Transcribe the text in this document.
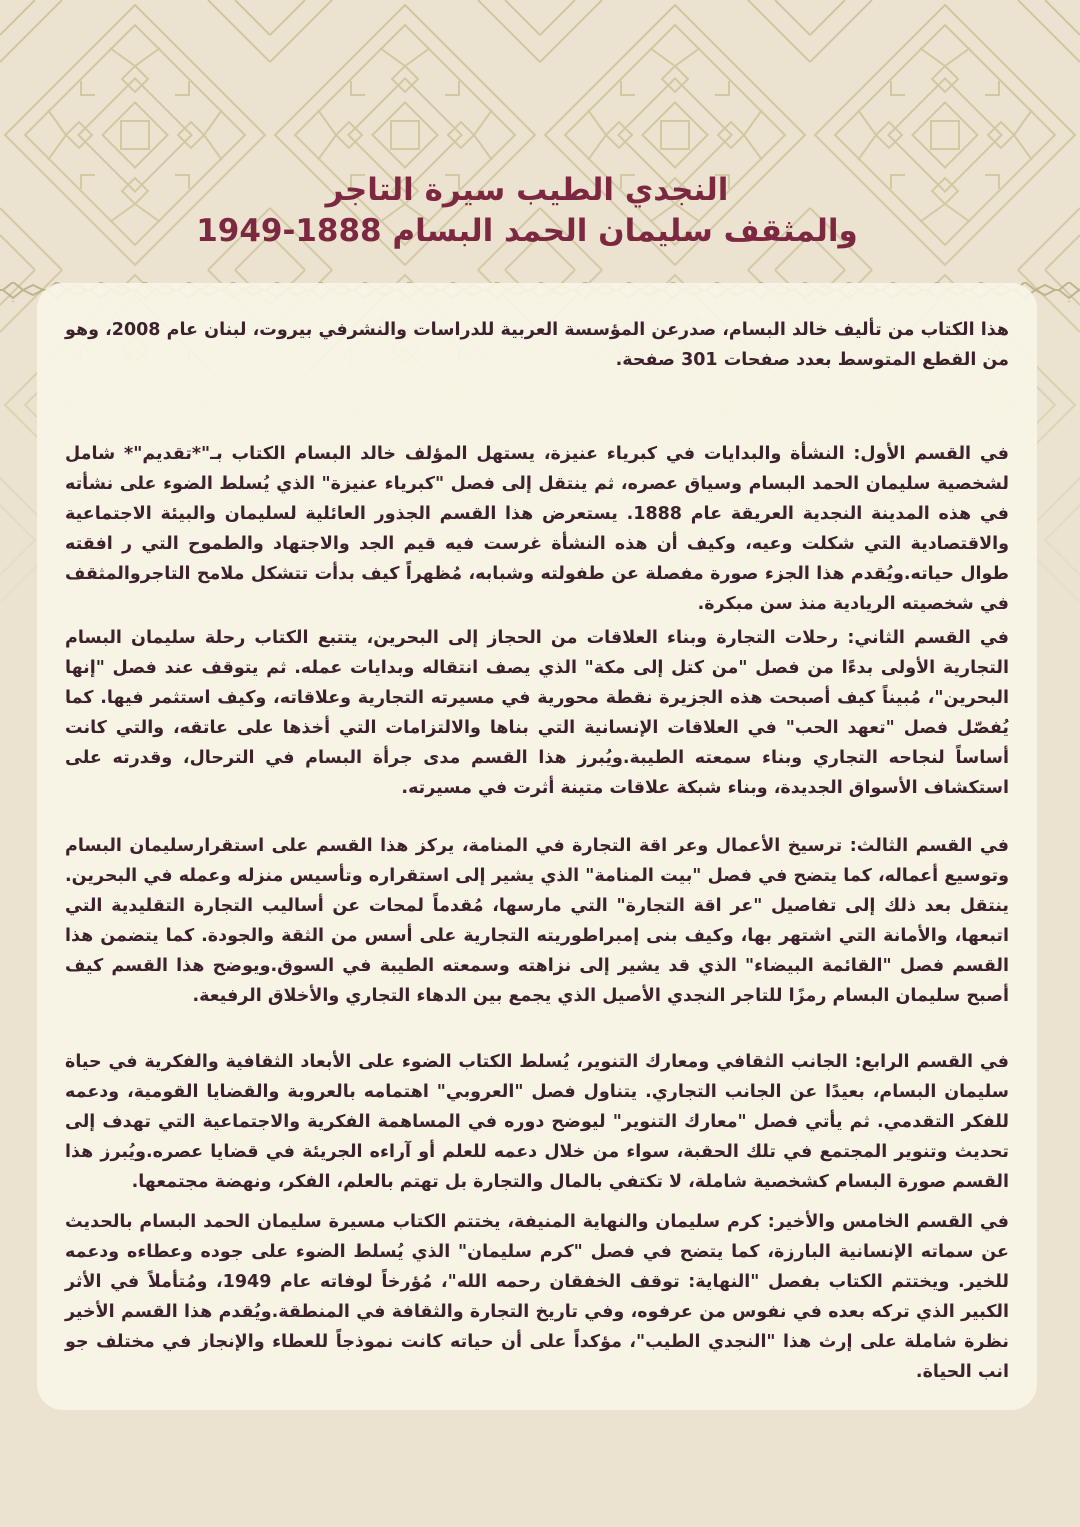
النجدي الطيب سيرة التاجر
والمثقف سليمان الحمد البسام 1888-1949

هذا الكتاب من تأليف خالد البسام، صدرعن المؤسسة العربية للدراسات والنشرفي بيروت، لبنان عام 2008، وهو من القطع المتوسط بعدد صفحات 301 صفحة.

في القسم الأول: النشأة والبدايات في كبرياء عنيزة، يستهل المؤلف خالد البسام الكتاب بـ"*تقديم"* شامل لشخصية سليمان الحمد البسام وسياق عصره، ثم ينتقل إلى فصل "كبرياء عنيزة" الذي يُسلط الضوء على نشأته في هذه المدينة النجدية العريقة عام 1888. يستعرض هذا القسم الجذور العائلية لسليمان والبيئة الاجتماعية والاقتصادية التي شكلت وعيه، وكيف أن هذه النشأة غرست فيه قيم الجد والاجتهاد والطموح التي ر افقته طوال حياته.ويُقدم هذا الجزء صورة مفصلة عن طفولته وشبابه، مُظهراً كيف بدأت تتشكل ملامح التاجروالمثقف في شخصيته الريادية منذ سن مبكرة.

في القسم الثاني: رحلات التجارة وبناء العلاقات من الحجاز إلى البحرين، يتتبع الكتاب رحلة سليمان البسام التجارية الأولى بدءًا من فصل "من كتل إلى مكة" الذي يصف انتقاله وبدايات عمله. ثم يتوقف عند فصل "إنها البحرين"، مُبيناً كيف أصبحت هذه الجزيرة نقطة محورية في مسيرته التجارية وعلاقاته، وكيف استثمر فيها. كما يُفصّل فصل "تعهد الحب" في العلاقات الإنسانية التي بناها والالتزامات التي أخذها على عاتقه، والتي كانت أساساً لنجاحه التجاري وبناء سمعته الطيبة.ويُبرز هذا القسم مدى جرأة البسام في الترحال، وقدرته على استكشاف الأسواق الجديدة، وبناء شبكة علاقات متينة أثرت في مسيرته.

في القسم الثالث: ترسيخ الأعمال وعر اقة التجارة في المنامة، يركز هذا القسم على استقرارسليمان البسام وتوسيع أعماله، كما يتضح في فصل "بيت المنامة" الذي يشير إلى استقراره وتأسيس منزله وعمله في البحرين. ينتقل بعد ذلك إلى تفاصيل "عر اقة التجارة" التي مارسها، مُقدماً لمحات عن أساليب التجارة التقليدية التي اتبعها، والأمانة التي اشتهر بها، وكيف بنى إمبراطوريته التجارية على أسس من الثقة والجودة. كما يتضمن هذا القسم فصل "القائمة البيضاء" الذي قد يشير إلى نزاهته وسمعته الطيبة في السوق.ويوضح هذا القسم كيف أصبح سليمان البسام رمزًا للتاجر النجدي الأصيل الذي يجمع بين الدهاء التجاري والأخلاق الرفيعة.

في القسم الرابع: الجانب الثقافي ومعارك التنوير، يُسلط الكتاب الضوء على الأبعاد الثقافية والفكرية في حياة سليمان البسام، بعيدًا عن الجانب التجاري. يتناول فصل "العروبي" اهتمامه بالعروبة والقضايا القومية، ودعمه للفكر التقدمي. ثم يأتي فصل "معارك التنوير" ليوضح دوره في المساهمة الفكرية والاجتماعية التي تهدف إلى تحديث وتنوير المجتمع في تلك الحقبة، سواء من خلال دعمه للعلم أو آراءه الجريئة في قضايا عصره.ويُبرز هذا القسم صورة البسام كشخصية شاملة، لا تكتفي بالمال والتجارة بل تهتم بالعلم، الفكر، ونهضة مجتمعها.

في القسم الخامس والأخير: كرم سليمان والنهاية المنيفة، يختتم الكتاب مسيرة سليمان الحمد البسام بالحديث عن سماته الإنسانية البارزة، كما يتضح في فصل "كرم سليمان" الذي يُسلط الضوء على جوده وعطاءه ودعمه للخير. ويختتم الكتاب بفصل "النهاية: توقف الخفقان رحمه الله"، مُؤرخاً لوفاته عام 1949، ومُتأملاً في الأثر الكبير الذي تركه بعده في نفوس من عرفوه، وفي تاريخ التجارة والثقافة في المنطقة.ويُقدم هذا القسم الأخير نظرة شاملة على إرث هذا "النجدي الطيب"، مؤكداً على أن حياته كانت نموذجاً للعطاء والإنجاز في مختلف جو انب الحياة.
